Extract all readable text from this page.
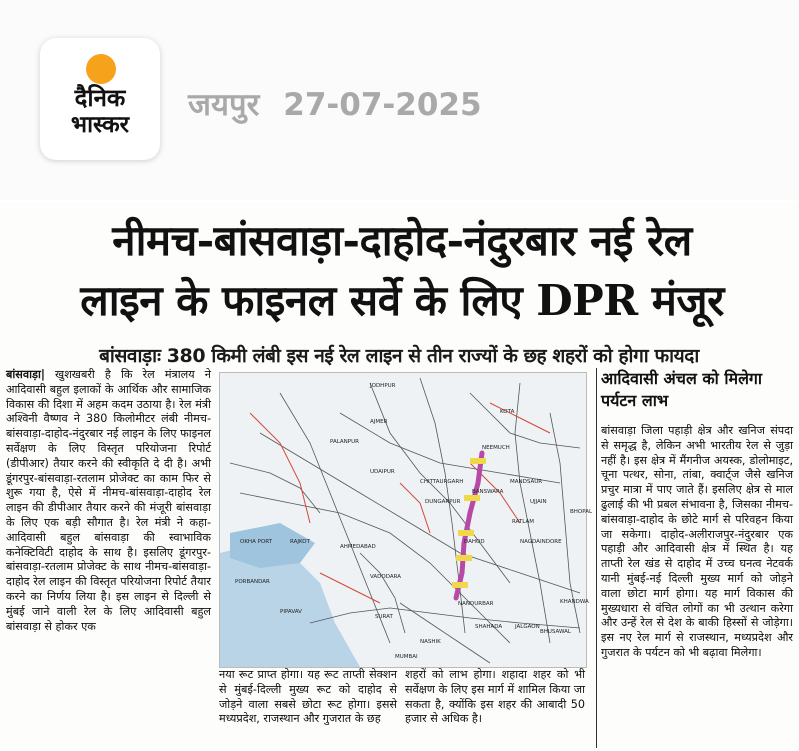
दैनिक
भास्कर
जयपुर 27-07-2025
नीमच-बांसवाड़ा-दाहोद-नंदुरबार नई रेल
लाइन के फाइनल सर्वे के लिए DPR मंजूर
बांसवाड़ाः 380 किमी लंबी इस नई रेल लाइन से तीन राज्यों के छह शहरों को होगा फायदा
बांसवाड़ा| खुशखबरी है कि रेल मंत्रालय ने आदिवासी बहुल इलाकों के आर्थिक और सामाजिक विकास की दिशा में अहम कदम उठाया है। रेल मंत्री अश्विनी वैष्णव ने 380 किलोमीटर लंबी नीमच-बांसवाड़ा-दाहोद-नंदुरबार नई लाइन के लिए फाइनल सर्वेक्षण के लिए विस्तृत परियोजना रिपोर्ट (डीपीआर) तैयार करने की स्वीकृति दे दी है। अभी डूंगरपुर-बांसवाड़ा-रतलाम प्रोजेक्ट का काम फिर से शुरू गया है, ऐसे में नीमच-बांसवाड़ा-दाहोद रेल लाइन की डीपीआर तैयार करने की मंजूरी बांसवाड़ा के लिए एक बड़ी सौगात है। रेल मंत्री ने कहा- आदिवासी बहुल बांसवाड़ा की स्वाभाविक कनेक्टिविटी दाहोद के साथ है। इसलिए डूंगरपुर-बांसवाड़ा-रतलाम प्रोजेक्ट के साथ नीमच-बांसवाड़ा-दाहोद रेल लाइन की विस्तृत परियोजना रिपोर्ट तैयार करने का निर्णय लिया है। इस लाइन से दिल्ली से मुंबई जाने वाली रेल के लिए आदिवासी बहुल बांसवाड़ा से होकर एक
JODHPUR
NEEMUCH
BANSWARA
DAHOD
NANDURBAR
RATLAM
MANDSAUR
CHITTAURGARH
UDAIPUR
AHMEDABAD
VADODARA
SURAT
MUMBAI
INDORE
BHOPAL
UJJAIN
KOTA
AJMER
OKHA PORT
PORBANDAR
BHUSAWAL
JALGAON
NAGDA
DUNGARPUR
RAJKOT
PALANPUR
NASHIK
KHANDWA
PIPAVAV
SHAHADA
नया रूट प्राप्त होगा। यह रूट ताप्ती सेक्शन से मुंबई-दिल्ली मुख्य रूट को दाहोद से जोड़ने वाला सबसे छोटा रूट होगा। इससे मध्यप्रदेश, राजस्थान और गुजरात के छह
शहरों को लाभ होगा। शहादा शहर को भी सर्वेक्षण के लिए इस मार्ग में शामिल किया जा सकता है, क्योंकि इस शहर की आबादी 50 हजार से अधिक है।
आदिवासी अंचल को मिलेगा पर्यटन लाभ
बांसवाड़ा जिला पहाड़ी क्षेत्र और खनिज संपदा से समृद्ध है, लेकिन अभी भारतीय रेल से जुड़ा नहीं है। इस क्षेत्र में मैंगनीज अयस्क, डोलोमाइट, चूना पत्थर, सोना, तांबा, क्वार्ट्ज जैसे खनिज प्रचुर मात्रा में पाए जाते हैं। इसलिए क्षेत्र से माल ढुलाई की भी प्रबल संभावना है, जिसका नीमच-बांसवाड़ा-दाहोद के छोटे मार्ग से परिवहन किया जा सकेगा। दाहोद-अलीराजपुर-नंदुरबार एक पहाड़ी और आदिवासी क्षेत्र में स्थित है। यह ताप्ती रेल खंड से दाहोद में उच्च घनत्व नेटवर्क यानी मुंबई-नई दिल्ली मुख्य मार्ग को जोड़ने वाला छोटा मार्ग होगा। यह मार्ग विकास की मुख्यधारा से वंचित लोगों का भी उत्थान करेगा और उन्हें रेल से देश के बाकी हिस्सों से जोड़ेगा। इस नए रेल मार्ग से राजस्थान, मध्यप्रदेश और गुजरात के पर्यटन को भी बढ़ावा मिलेगा।
